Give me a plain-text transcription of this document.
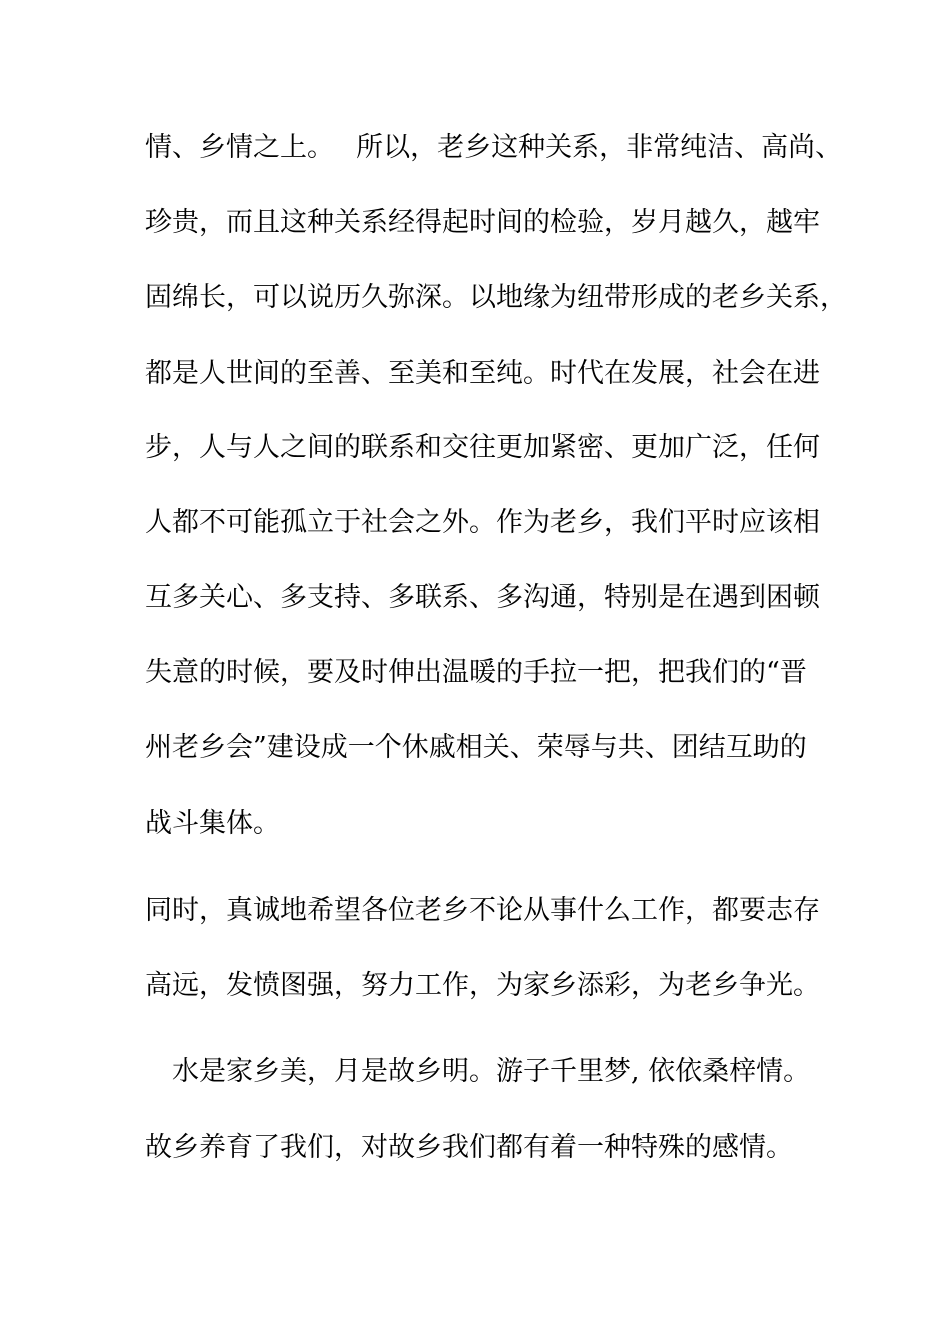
情、乡情之上。　 所以，老乡这种关系，非常纯洁、高尚、

珍贵，而且这种关系经得起时间的检验，岁月越久，越牢

固绵长，可以说历久弥深。以地缘为纽带形成的老乡关系，

都是人世间的至善、至美和至纯。时代在发展，社会在进

步，人与人之间的联系和交往更加紧密、更加广泛，任何

人都不可能孤立于社会之外。作为老乡，我们平时应该相

互多关心、多支持、多联系、多沟通，特别是在遇到困顿

失意的时候，要及时伸出温暖的手拉一把，把我们的“晋

州老乡会”建设成一个休戚相关、荣辱与共、团结互助的

战斗集体。

同时，真诚地希望各位老乡不论从事什么工作，都要志存

高远，发愤图强，努力工作，为家乡添彩，为老乡争光。

　水是家乡美，月是故乡明。游子千里梦, 依依桑梓情。

故乡养育了我们，对故乡我们都有着一种特殊的感情。
